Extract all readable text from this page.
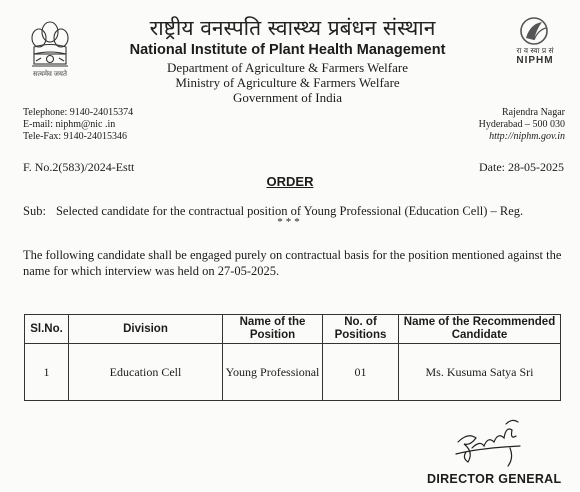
सत्यमेव जयते
राष्ट्रीय वनस्पति स्वास्थ्य प्रबंधन संस्थान
National Institute of Plant Health Management
Department of Agriculture & Farmers Welfare
Ministry of Agriculture & Farmers Welfare
Government of India
रा व स्वा प्र सं
NIPHM
Telephone: 9140-24015374
E-mail: niphm@nic .in
Tele-Fax: 9140-24015346
Rajendra Nagar
Hyderabad – 500 030
http://niphm.gov.in
F. No.2(583)/2024-Estt	Date: 28-05-2025
ORDER
Sub: Selected candidate for the contractual position of Young Professional (Education Cell) – Reg.
***
The following candidate shall be engaged purely on contractual basis for the position mentioned against the name for which interview was held on 27-05-2025.
Sl.No.	Division	Name of the Position	No. of Positions	Name of the Recommended Candidate
1	Education Cell	Young Professional	01	Ms. Kusuma Satya Sri
DIRECTOR GENERAL
